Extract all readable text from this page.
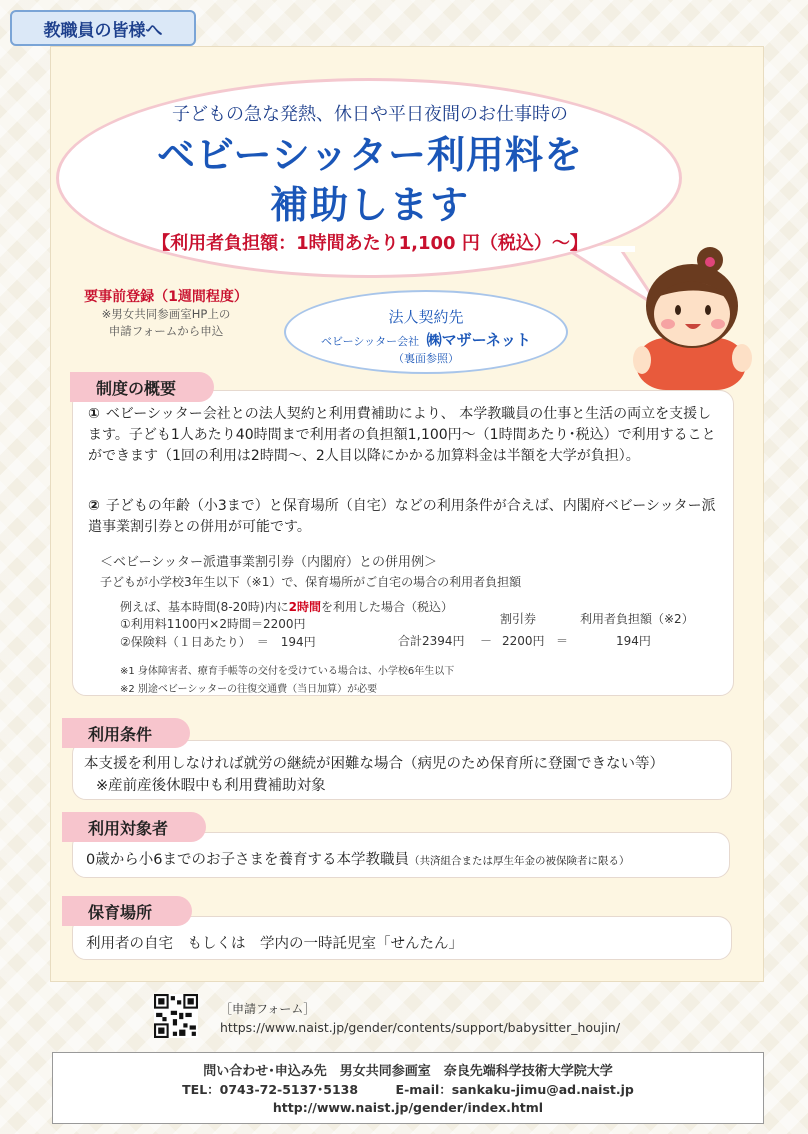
教職員の皆様へ
子どもの急な発熱、休日や平日夜間のお仕事時の
ベビーシッター利用料を
補助します
【利用者負担額：1時間あたり1,100 円（税込）〜】
要事前登録（1週間程度）
※男女共同参画室HP上の
申請フォームから申込
法人契約先
ベビーシッター会社 ㈱マザーネット
（裏面参照）
制度の概要
① ベビーシッター会社との法人契約と利用費補助により、 本学教職員の仕事と生活の両立を支援します。子ども1人あたり40時間まで利用者の負担額1,100円〜（1時間あたり･税込）で利用することができます（1回の利用は2時間〜、2人目以降にかかる加算料金は半額を大学が負担）。
② 子どもの年齢（小3まで）と保育場所（自宅）などの利用条件が合えば、内閣府ベビーシッター派遣事業割引券との併用が可能です。
＜ベビーシッター派遣事業割引券（内閣府）との併用例＞
子どもが小学校3年生以下（※1）で、保育場所がご自宅の場合の利用者負担額
例えば、基本時間(8-20時)内に2時間を利用した場合（税込）
①利用料1100円×2時間＝2200円
②保険料（１日あたり）　＝　194円
割引券	利用者負担額（※2）
合計2394円 － 2200円 ＝	194円
※1 身体障害者、療育手帳等の交付を受けている場合は、小学校6年生以下
※2 別途ベビーシッターの往復交通費（当日加算）が必要
利用条件
本支援を利用しなければ就労の継続が困難な場合（病児のため保育所に登園できない等）
※産前産後休暇中も利用費補助対象
利用対象者
0歳から小6までのお子さまを養育する本学教職員（共済組合または厚生年金の被保険者に限る）
保育場所
利用者の自宅　もしくは　学内の一時託児室「せんたん」
［申請フォーム］
https://www.naist.jp/gender/contents/support/babysitter_houjin/
問い合わせ･申込み先　男女共同参画室　奈良先端科学技術大学院大学
TEL：0743-72-5137･5138　　　E-mail：sankaku-jimu@ad.naist.jp
http://www.naist.jp/gender/index.html
